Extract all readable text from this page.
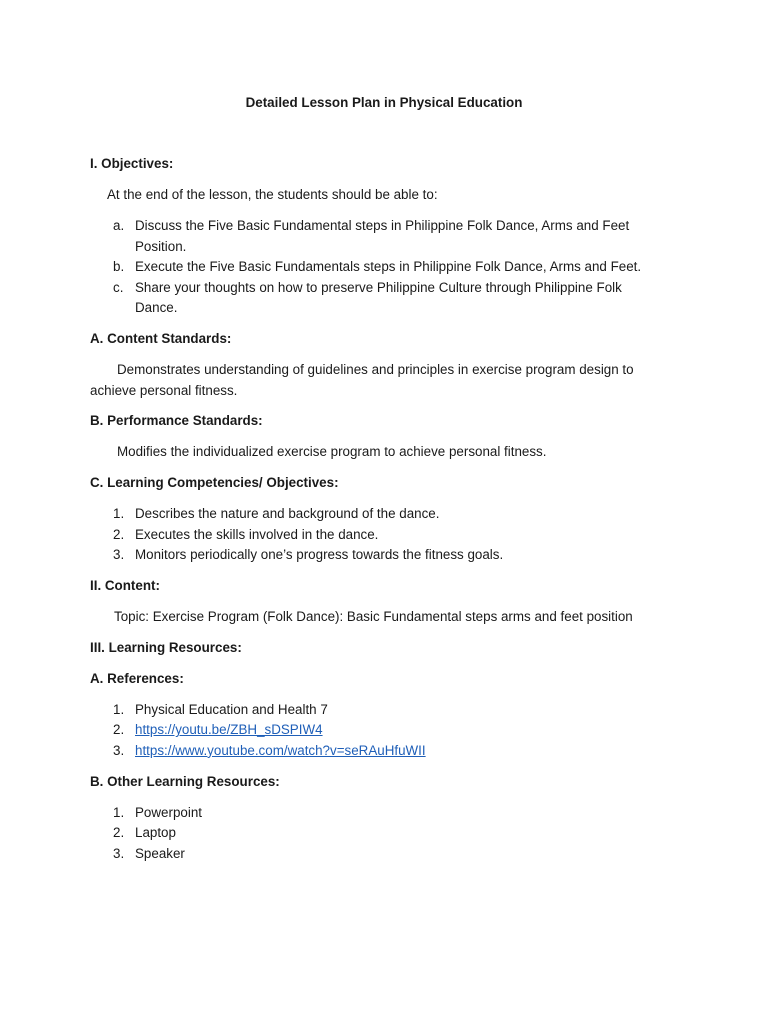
Detailed Lesson Plan in Physical Education

I. Objectives:

At the end of the lesson, the students should be able to:

a. Discuss the Five Basic Fundamental steps in Philippine Folk Dance, Arms and Feet Position.
b. Execute the Five Basic Fundamentals steps in Philippine Folk Dance, Arms and Feet.
c. Share your thoughts on how to preserve Philippine Culture through Philippine Folk Dance.

A. Content Standards:

Demonstrates understanding of guidelines and principles in exercise program design to achieve personal fitness.

B. Performance Standards:

Modifies the individualized exercise program to achieve personal fitness.

C. Learning Competencies/ Objectives:

1. Describes the nature and background of the dance.
2. Executes the skills involved in the dance.
3. Monitors periodically one’s progress towards the fitness goals.

II. Content:

Topic: Exercise Program (Folk Dance): Basic Fundamental steps arms and feet position

III. Learning Resources:

A. References:

1. Physical Education and Health 7
2. https://youtu.be/ZBH_sDSPIW4
3. https://www.youtube.com/watch?v=seRAuHfuWII

B. Other Learning Resources:

1. Powerpoint
2. Laptop
3. Speaker
